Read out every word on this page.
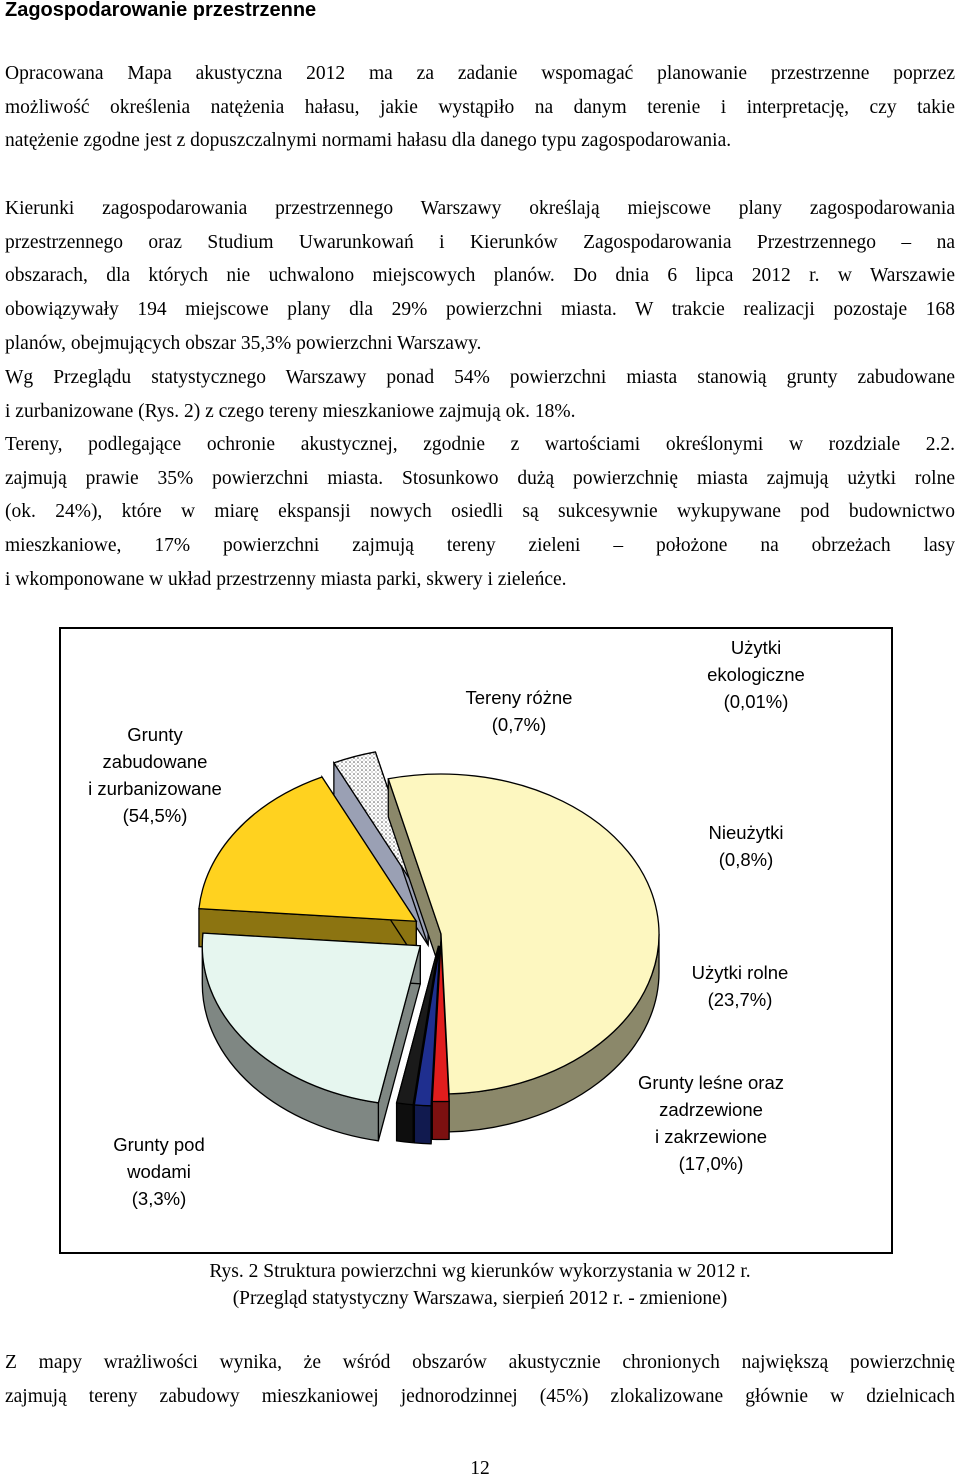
Zagospodarowanie przestrzenne
Opracowana Mapa akustyczna 2012 ma za zadanie wspomagać planowanie przestrzenne poprzez
możliwość określenia natężenia hałasu, jakie wystąpiło na danym terenie i interpretację, czy takie
natężenie zgodne jest z dopuszczalnymi normami hałasu dla danego typu zagospodarowania.
Kierunki zagospodarowania przestrzennego Warszawy określają miejscowe plany zagospodarowania
przestrzennego oraz Studium Uwarunkowań i Kierunków Zagospodarowania Przestrzennego – na
obszarach, dla których nie uchwalono miejscowych planów. Do dnia 6 lipca 2012 r. w Warszawie
obowiązywały 194 miejscowe plany dla 29% powierzchni miasta. W trakcie realizacji pozostaje 168
planów, obejmujących obszar 35,3% powierzchni Warszawy.
Wg Przeglądu statystycznego Warszawy ponad 54% powierzchni miasta stanowią grunty zabudowane
i zurbanizowane (Rys. 2) z czego tereny mieszkaniowe zajmują ok. 18%.
Tereny, podlegające ochronie akustycznej, zgodnie z wartościami określonymi w rozdziale 2.2.
zajmują prawie 35% powierzchni miasta. Stosunkowo dużą powierzchnię miasta zajmują użytki rolne
(ok. 24%), które w miarę ekspansji nowych osiedli są sukcesywnie wykupywane pod budownictwo
mieszkaniowe, 17% powierzchni zajmują tereny zieleni – położone na obrzeżach lasy
i wkomponowane w układ przestrzenny miasta parki, skwery i zieleńce.
Grunty zabudowane i zurbanizowane (54,5%)
Tereny różne (0,7%)
Użytki ekologiczne (0,01%)
Nieużytki (0,8%)
Użytki rolne (23,7%)
Grunty leśne oraz zadrzewione i zakrzewione (17,0%)
Grunty pod wodami (3,3%)
Rys. 2 Struktura powierzchni wg kierunków wykorzystania w 2012 r.
(Przegląd statystyczny Warszawa, sierpień 2012 r. - zmienione)
Z mapy wrażliwości wynika, że wśród obszarów akustycznie chronionych największą powierzchnię
zajmują tereny zabudowy mieszkaniowej jednorodzinnej (45%) zlokalizowane głównie w dzielnicach
12
